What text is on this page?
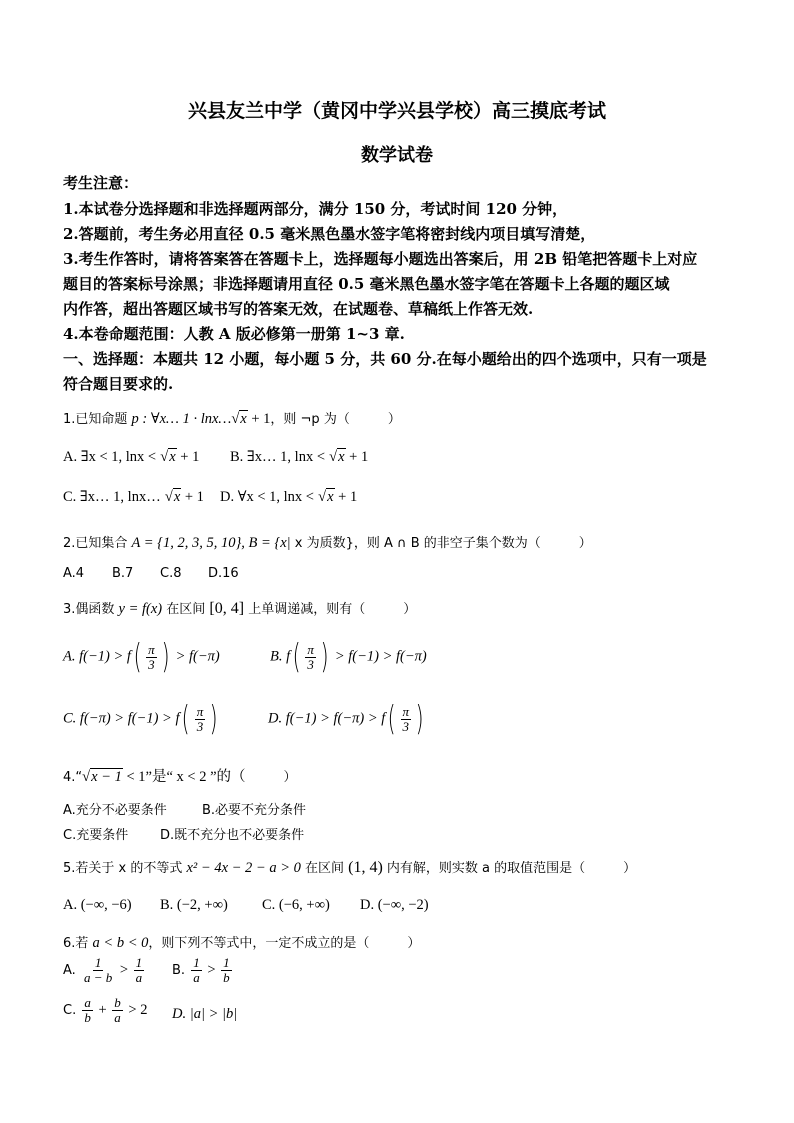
兴县友兰中学（黄冈中学兴县学校）高三摸底考试
数学试卷
考生注意：
1.本试卷分选择题和非选择题两部分，满分 150 分，考试时间 120 分钟，
2.答题前，考生务必用直径 0.5 毫米黑色墨水签字笔将密封线内项目填写清楚，
3.考生作答时，请将答案答在答题卡上，选择题每小题选出答案后，用 2B 铅笔把答题卡上对应
题目的答案标号涂黑；非选择题请用直径 0.5 毫米黑色墨水签字笔在答题卡上各题的题区域
内作答，超出答题区域书写的答案无效，在试题卷、草稿纸上作答无效.
4.本卷命题范围：人教 A 版必修第一册第 1~3 章.
一、选择题：本题共 12 小题，每小题 5 分，共 60 分.在每小题给出的四个选项中，只有一项是
符合题目要求的.
1.已知命题 p : ∀x… 1 · lnx…√x + 1，则 ¬p 为（	）
A. ∃x < 1, lnx < √x + 1 B. ∃x… 1, lnx < √x + 1
C. ∃x… 1, lnx… √x + 1 D. ∀x < 1, lnx < √x + 1
2.已知集合 A = {1, 2, 3, 5, 10}, B = {x| x 为质数}，则 A ∩ B 的非空子集个数为（	）
A.4 B.7 C.8 D.16
3.偶函数 y = f(x) 在区间 [0, 4] 上单调递减，则有（	）
A. $f(-1) > f( \frac{\pi}{3}$ ) > f(−π)	B. $f( \frac{\pi}{3}$ ) > f(−1) > f(−π)
C. $f(-\pi) > f(-1) > f( \frac{\pi}{3}$ )	D. $f(-1) > f(-\pi) > f( \frac{\pi}{3}$ )
4.“√x − 1 < 1”是“ x < 2 ”的（	）
A.充分不必要条件	B.必要不充分条件
C.充要条件 D.既不充分也不必要条件
5.若关于 x 的不等式 x² − 4x − 2 − a > 0 在区间 (1, 4) 内有解，则实数 a 的取值范围是（	）
A. (−∞, −6) B. (−2, +∞) C. (−6, +∞) D. (−∞, −2)
6.若 a < b < 0，则下列不等式中，一定不成立的是（	）
A. $\frac{1}{a - b} > \frac{1}{a} B$. $\frac{1}{a} > \frac{1}{b}$
C. $\frac{a}{b} + \frac{b}{a} > 2$ D. |a| > |b|
